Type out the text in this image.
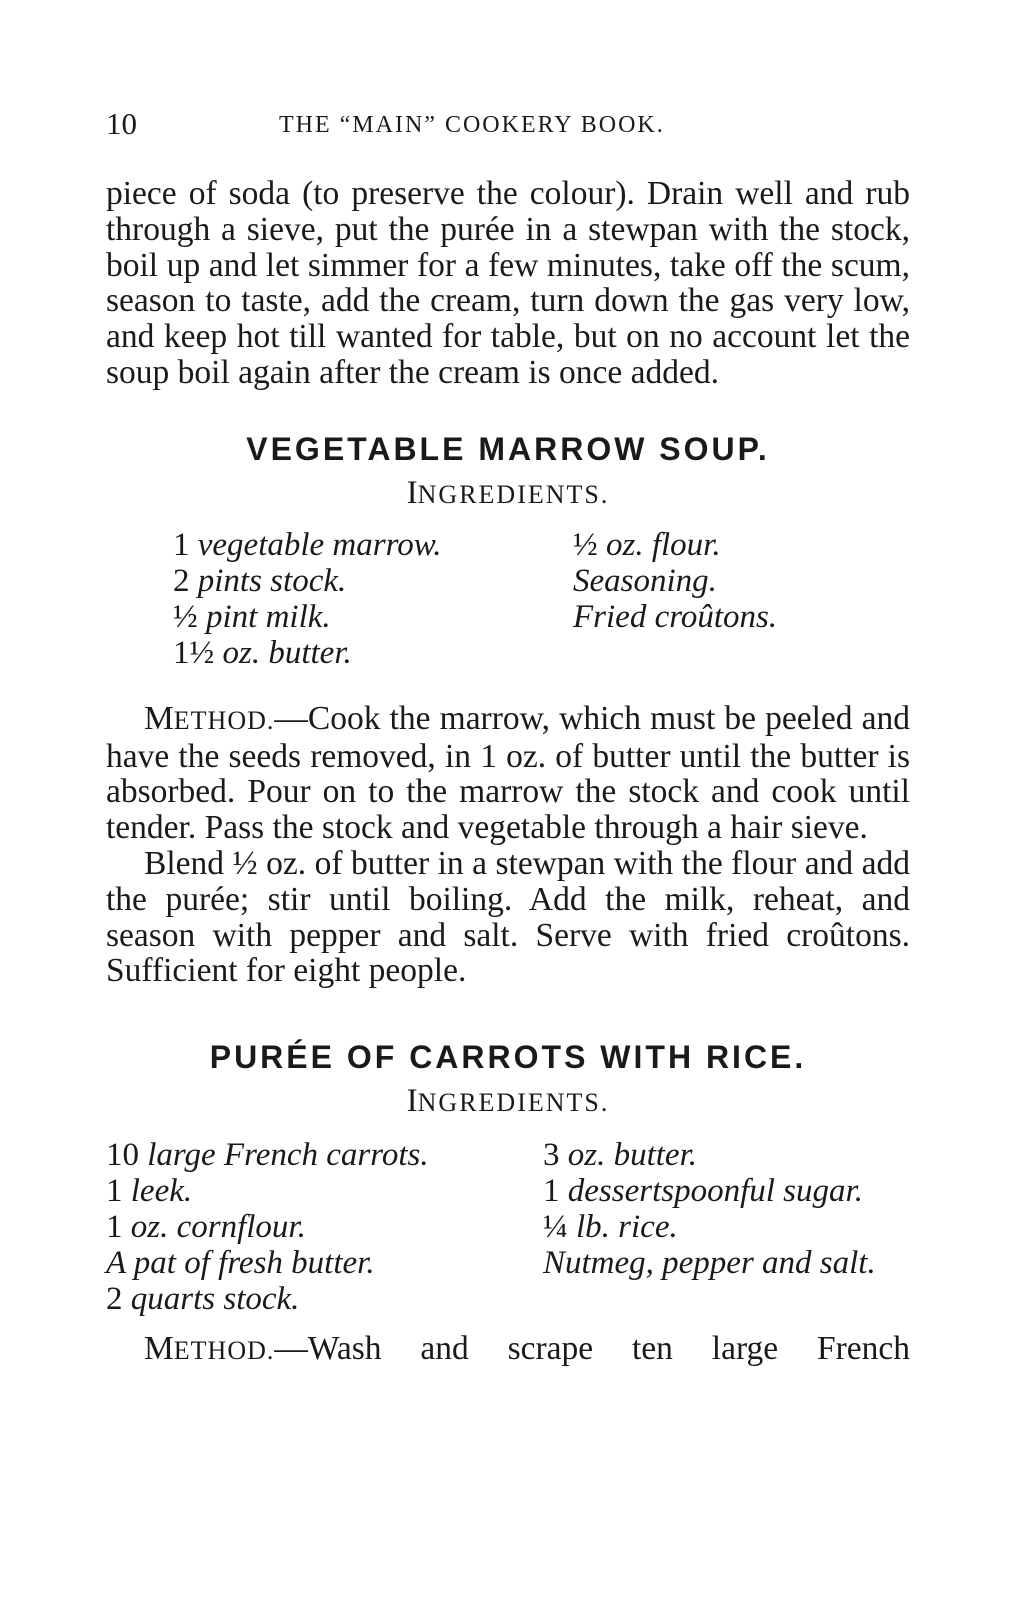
10	THE “MAIN” COOKERY BOOK.

piece of soda (to preserve the colour). Drain well and rub through a sieve, put the purée in a stewpan with the stock, boil up and let simmer for a few minutes, take off the scum, season to taste, add the cream, turn down the gas very low, and keep hot till wanted for table, but on no account let the soup boil again after the cream is once added.

VEGETABLE MARROW SOUP.

INGREDIENTS.

1 vegetable marrow.
2 pints stock.
½ pint milk.
1½ oz. butter.
½ oz. flour.
Seasoning.
Fried croûtons.

METHOD.—Cook the marrow, which must be peeled and have the seeds removed, in 1 oz. of butter until the butter is absorbed. Pour on to the marrow the stock and cook until tender. Pass the stock and vegetable through a hair sieve.

Blend ½ oz. of butter in a stewpan with the flour and add the purée; stir until boiling. Add the milk, reheat, and season with pepper and salt. Serve with fried croûtons. Sufficient for eight people.

PURÉE OF CARROTS WITH RICE.

INGREDIENTS.

10 large French carrots.
1 leek.
1 oz. cornflour.
A pat of fresh butter.
2 quarts stock.
3 oz. butter.
1 dessertspoonful sugar.
¼ lb. rice.
Nutmeg, pepper and salt.

METHOD.—Wash and scrape ten large French
